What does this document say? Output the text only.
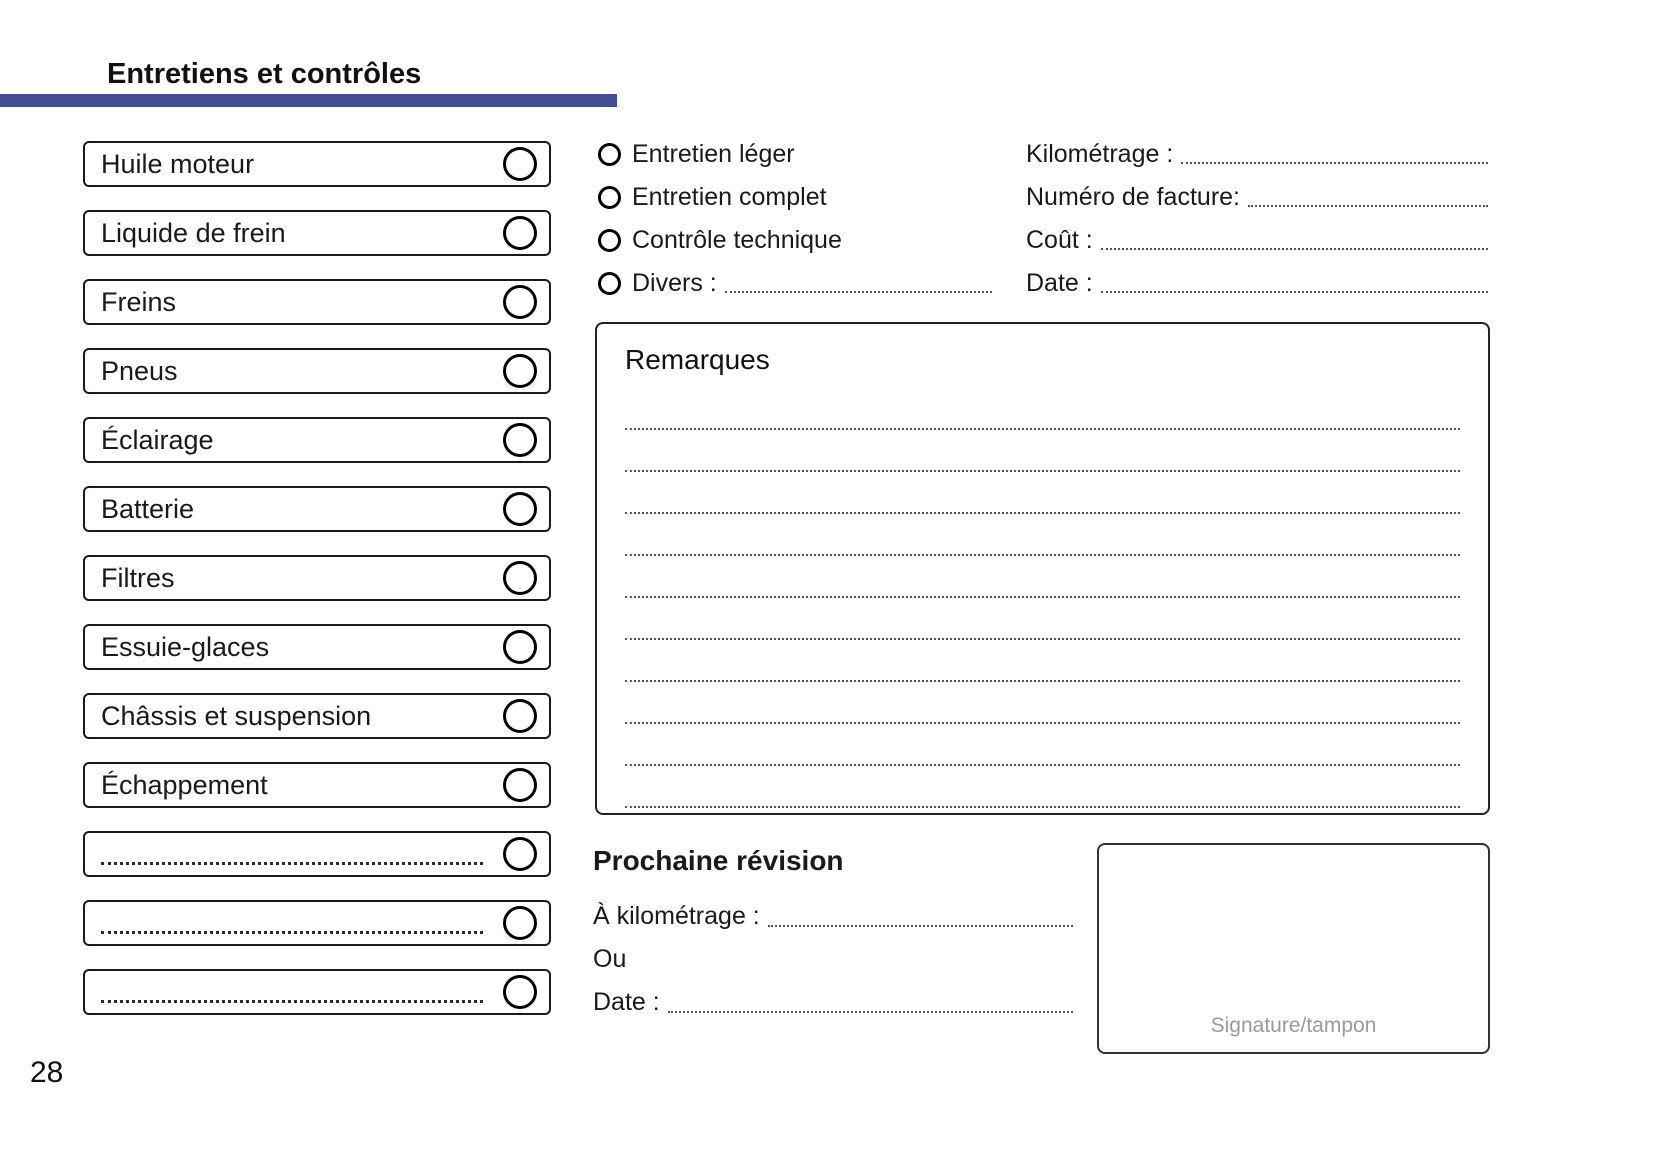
Entretiens et contrôles
Huile moteur
Liquide de frein
Freins
Pneus
Éclairage
Batterie
Filtres
Essuie-glaces
Châssis et suspension
Échappement
Entretien léger
Entretien complet
Contrôle technique
Divers :
Kilométrage :
Numéro de facture:
Coût :
Date :
Remarques
Prochaine révision
À kilométrage :
Ou
Date :
Signature/tampon
28
